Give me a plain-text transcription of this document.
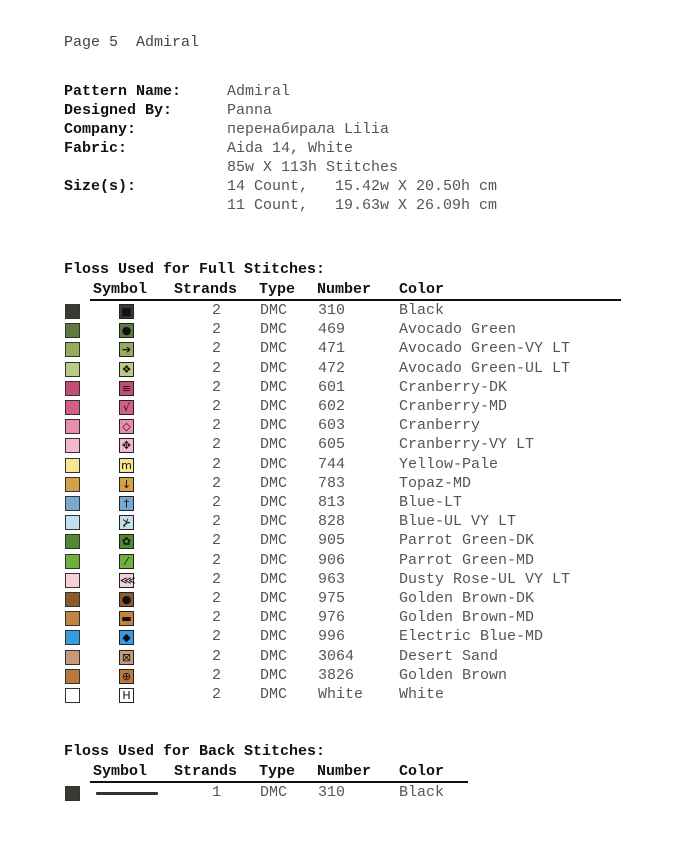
Page 5  Admiral
Pattern Name:	Admiral
Designed By:	Panna
Company:	перенабирала Lilia
Fabric:	Aida 14, White
85w X 113h Stitches
Size(s):	14 Count,   15.42w X 20.50h cm
11 Count,   19.63w X 26.09h cm
Floss Used for Full Stitches:
Symbol Strands Type Number Color
■	2	DMC 310	Black
●	2	DMC 469	Avocado Green
➔	2	DMC 471	Avocado Green-VY LT
❖	2	DMC 472	Avocado Green-UL LT
≡	2	DMC 601	Cranberry-DK
√	2	DMC 602	Cranberry-MD
◇	2	DMC 603	Cranberry
✥	2	DMC 605	Cranberry-VY LT
m	2	DMC 744	Yellow-Pale
↓	2	DMC 783	Topaz-MD
†	2	DMC 813	Blue-LT
⊁	2	DMC 828	Blue-UL VY LT
✿	2	DMC 905	Parrot Green-DK
⁄	2	DMC 906	Parrot Green-MD
⋘	2	DMC 963	Dusty Rose-UL VY LT
●	2	DMC 975	Golden Brown-DK
▬	2	DMC 976	Golden Brown-MD
◆	2	DMC 996	Electric Blue-MD
⊠	2	DMC 3064	Desert Sand
⊕	2	DMC 3826	Golden Brown
H	2	DMC White White
Floss Used for Back Stitches:
Symbol Strands Type Number Color
1	DMC 310	Black
